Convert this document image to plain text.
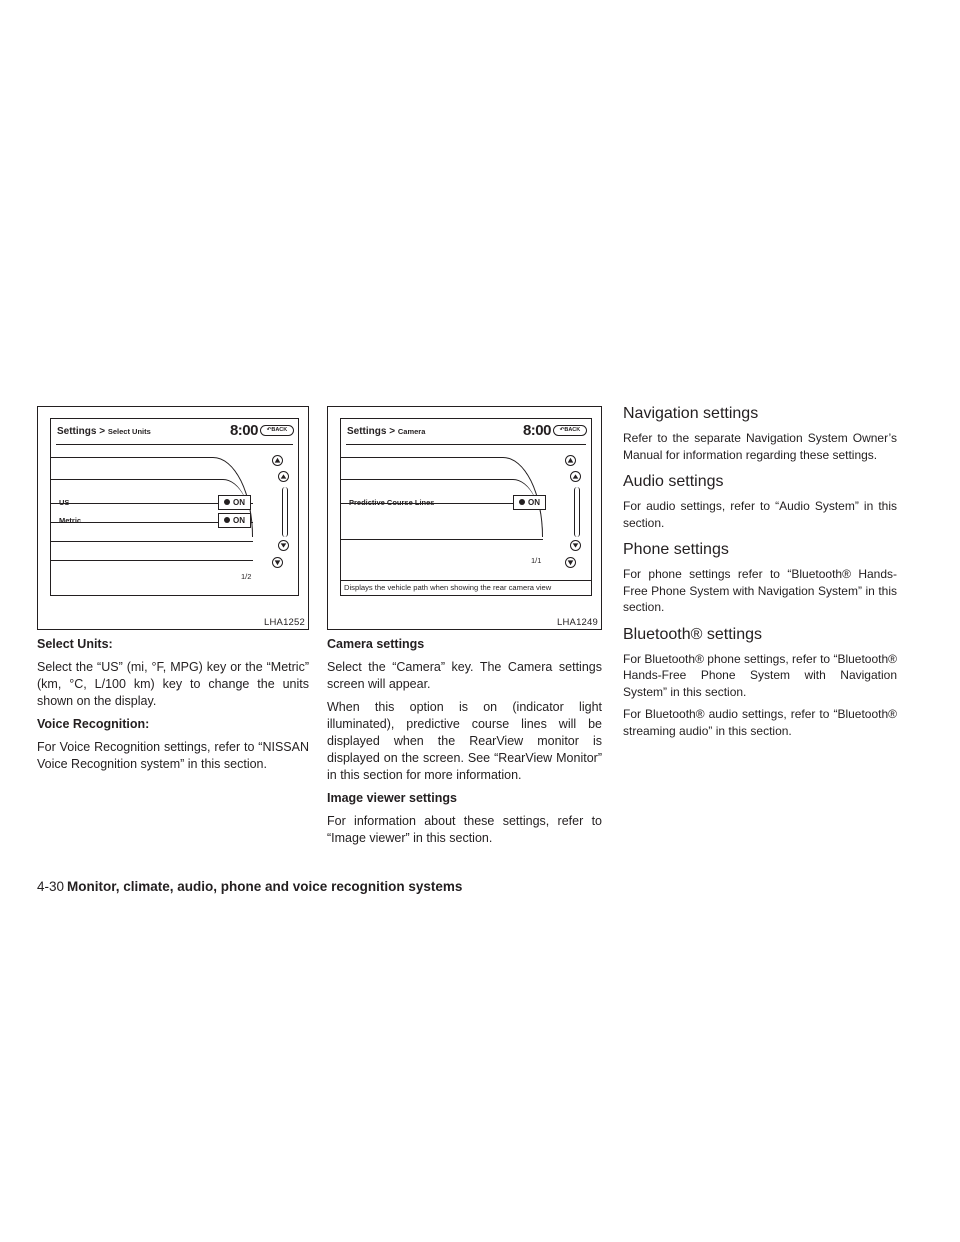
Settings > Select Units	8:00	↶BACK
US	ON
Metric	ON
1/2
LHA1252
Select Units:

Select the “US” (mi, °F, MPG) key or the “Metric” (km, °C, L/100 km) key to change the units shown on the display.

Voice Recognition:

For Voice Recognition settings, refer to “NISSAN Voice Recognition system” in this section.

Settings > Camera	8:00	↶BACK
Predictive Course Lines	ON
1/1
Displays the vehicle path when showing the rear camera view
LHA1249
Camera settings

Select the “Camera” key. The Camera settings screen will appear.

When this option is on (indicator light illuminated), predictive course lines will be displayed when the RearView monitor is displayed on the screen. See “RearView Monitor” in this section for more information.

Image viewer settings

For information about these settings, refer to “Image viewer” in this section.

Navigation settings

Refer to the separate Navigation System Owner’s Manual for information regarding these settings.

Audio settings

For audio settings, refer to “Audio System” in this section.

Phone settings

For phone settings refer to “Bluetooth® Hands-Free Phone System with Navigation System” in this section.

Bluetooth® settings

For Bluetooth® phone settings, refer to “Bluetooth® Hands-Free Phone System with Navigation System” in this section.

For Bluetooth® audio settings, refer to “Bluetooth® streaming audio” in this section.

4-30 Monitor, climate, audio, phone and voice recognition systems
